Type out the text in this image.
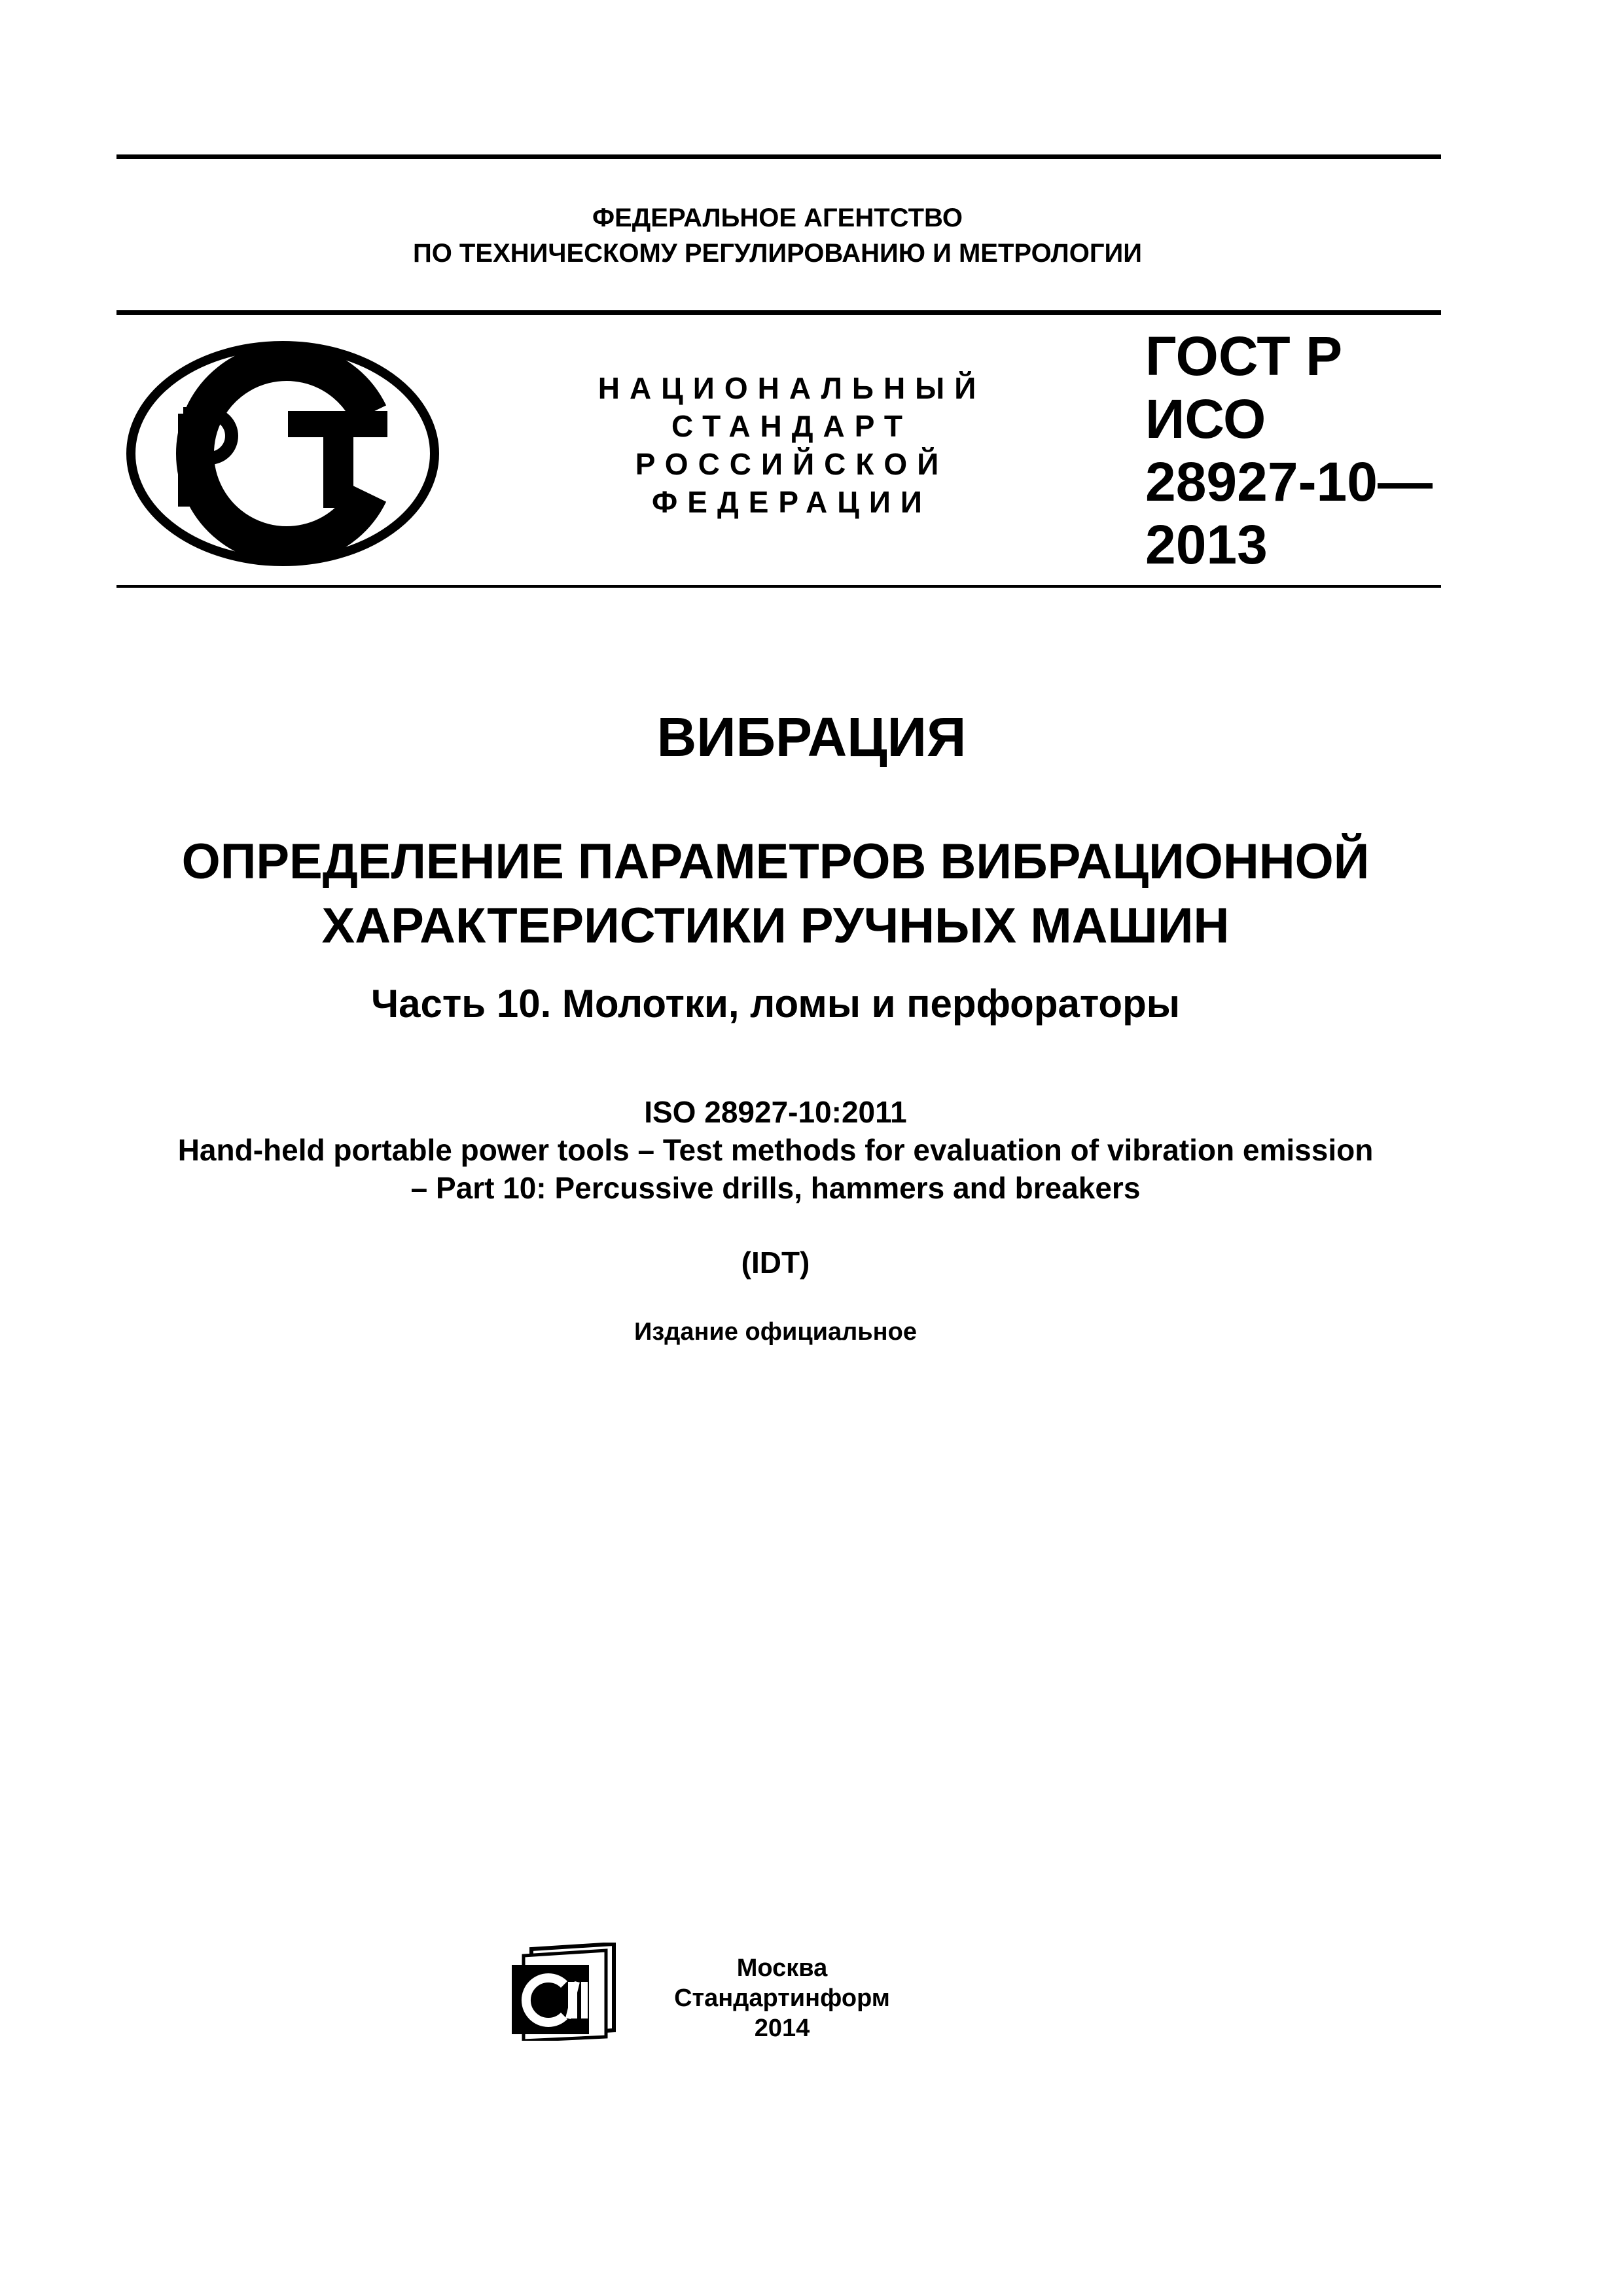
ФЕДЕРАЛЬНОЕ АГЕНТСТВО
ПО ТЕХНИЧЕСКОМУ РЕГУЛИРОВАНИЮ И МЕТРОЛОГИИ
НАЦИОНАЛЬНЫЙ
СТАНДАРТ
РОССИЙСКОЙ
ФЕДЕРАЦИИ
ГОСТ Р
ИСО
28927-10—
2013
ВИБРАЦИЯ
ОПРЕДЕЛЕНИЕ ПАРАМЕТРОВ ВИБРАЦИОННОЙ
ХАРАКТЕРИСТИКИ РУЧНЫХ МАШИН
Часть 10. Молотки, ломы и перфораторы
ISO 28927-10:2011
Hand-held portable power tools – Test methods for evaluation of vibration emission
– Part 10: Percussive drills, hammers and breakers
(IDT)
Издание официальное
Москва
Стандартинформ
2014
